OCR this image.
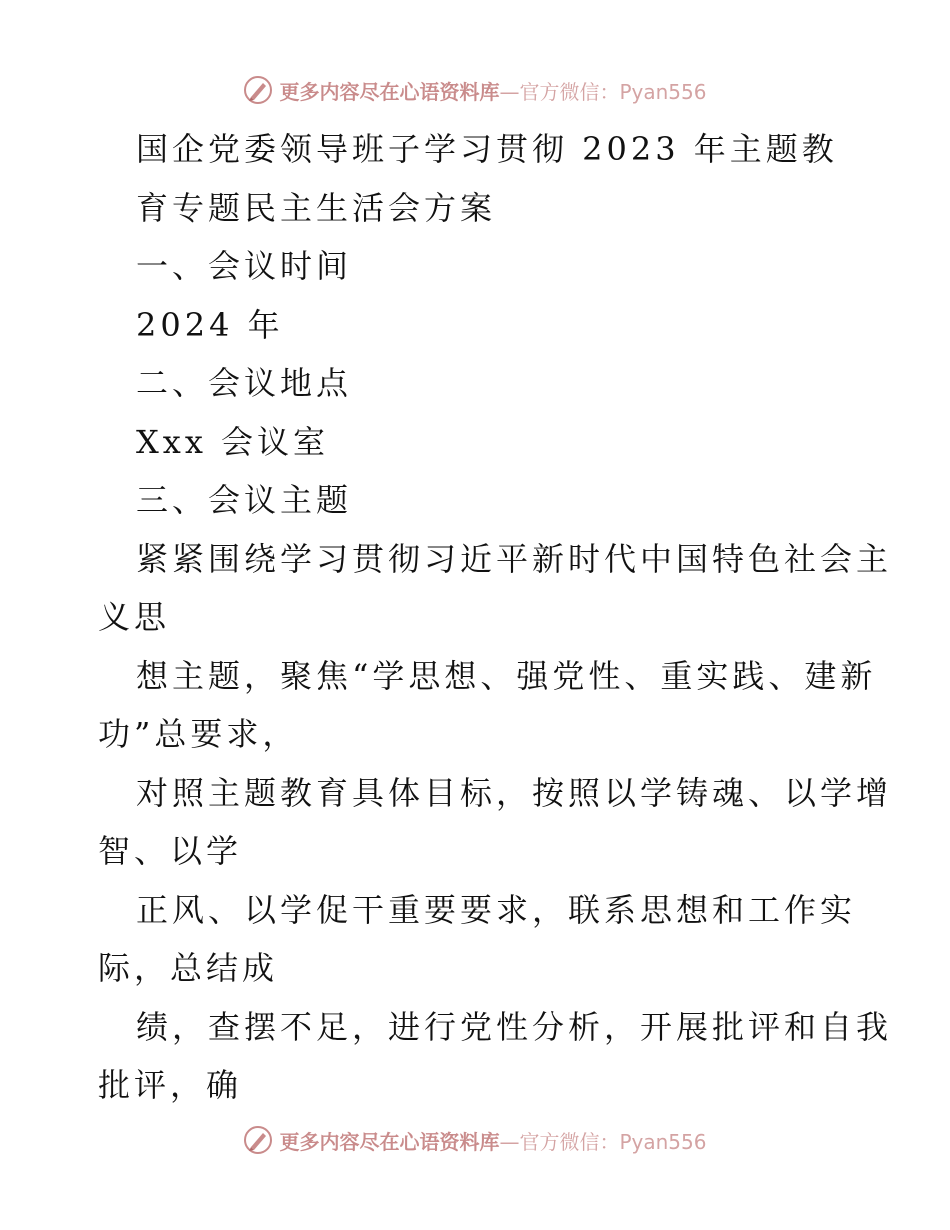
更多内容尽在心语资料库—官方微信：Pyan556
国企党委领导班子学习贯彻 2023 年主题教
育专题民主生活会方案
一、会议时间
2024 年
二、会议地点
Xxx 会议室
三、会议主题
紧紧围绕学习贯彻习近平新时代中国特色社会主
义思
想主题，聚焦“学思想、强党性、重实践、建新
功”总要求，
对照主题教育具体目标，按照以学铸魂、以学增
智、以学
正风、以学促干重要要求，联系思想和工作实
际，总结成
绩，查摆不足，进行党性分析，开展批评和自我
批评，确
更多内容尽在心语资料库—官方微信：Pyan556
